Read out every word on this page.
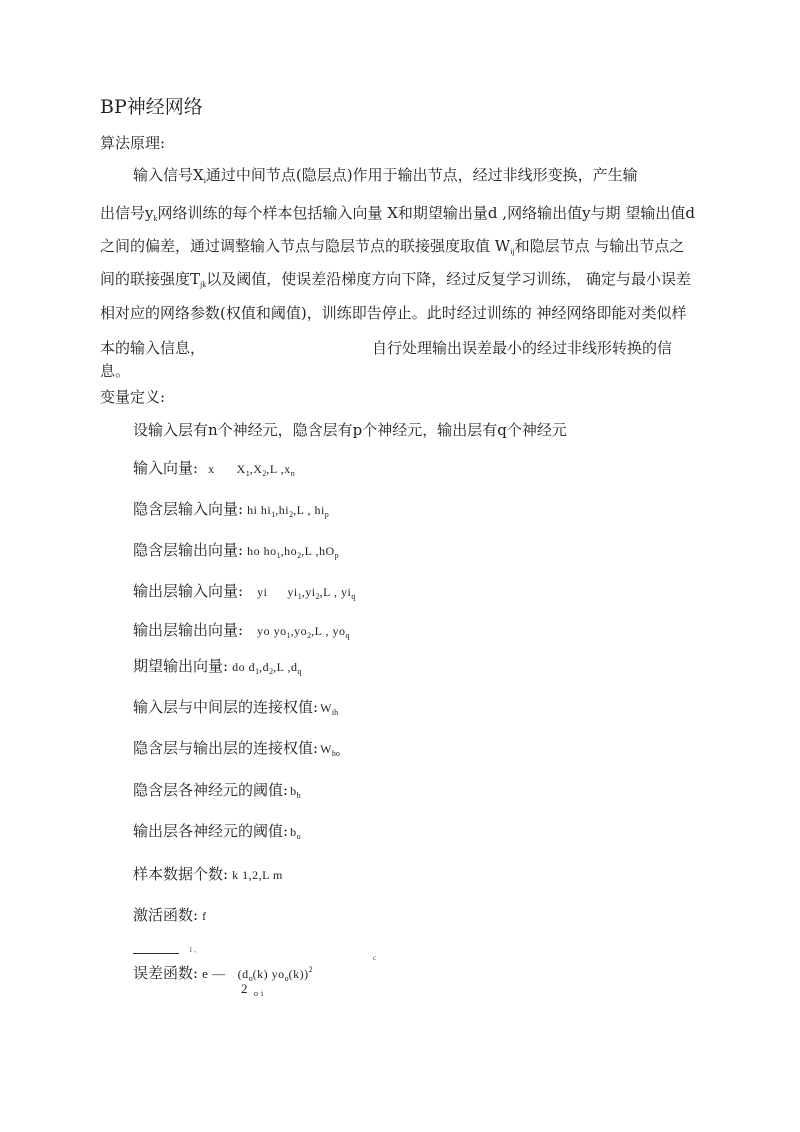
BP神经网络
算法原理:
输入信号$X_i$通过中间节点(隐层点)作用于输出节点，经过非线形变换，产生输
出信号$y_k$网络训练的每个样本包括输入向量 X和期望输出量d ,网络输出值y与期 望输出值d
之间的偏差，通过调整输入节点与隐层节点的联接强度取值 $W_{ij}$和隐层节点 与输出节点之
间的联接强度$T_{jk}$以及阈值，使误差沿梯度方向下降，经过反复学习训练， 确定与最小误差
相对应的网络参数(权值和阈值)，训练即告停止。此时经过训练的 神经网络即能对类似样
本的输入信息，	自行处理输出误差最小的经过非线形转换的信
息。
变量定义:
设输入层有n个神经元，隐含层有p个神经元，输出层有q个神经元
输入向量: x $X_1,X_2,L$ $,x_n$
隐含层输入向量: hi $hi_1,hi_2,L$ , $hi_p$
隐含层输出向量: ho $ho_1,ho_2,L$ $,hO_p$
输出层输入向量: yi $yi_1,yi_2,L$ , $yi_q$
输出层输出向量: yo $yo_1,yo_2,L$ , $yo_q$
期望输出向量: do $d_1,d_2,L$ $,d_q$
输入层与中间层的连接权值: $W_{ih}$
隐含层与输出层的连接权值: $W_{ho}$
隐含层各神经元的阈值: $b_h$
输出层各神经元的阈值: $b_o$
样本数据个数: k 1,2,L m
激活函数: f
1 ,
c
误差函数: e — ($d_o(k)$ $yo_o(k))^2$
2 $_{o i}$
